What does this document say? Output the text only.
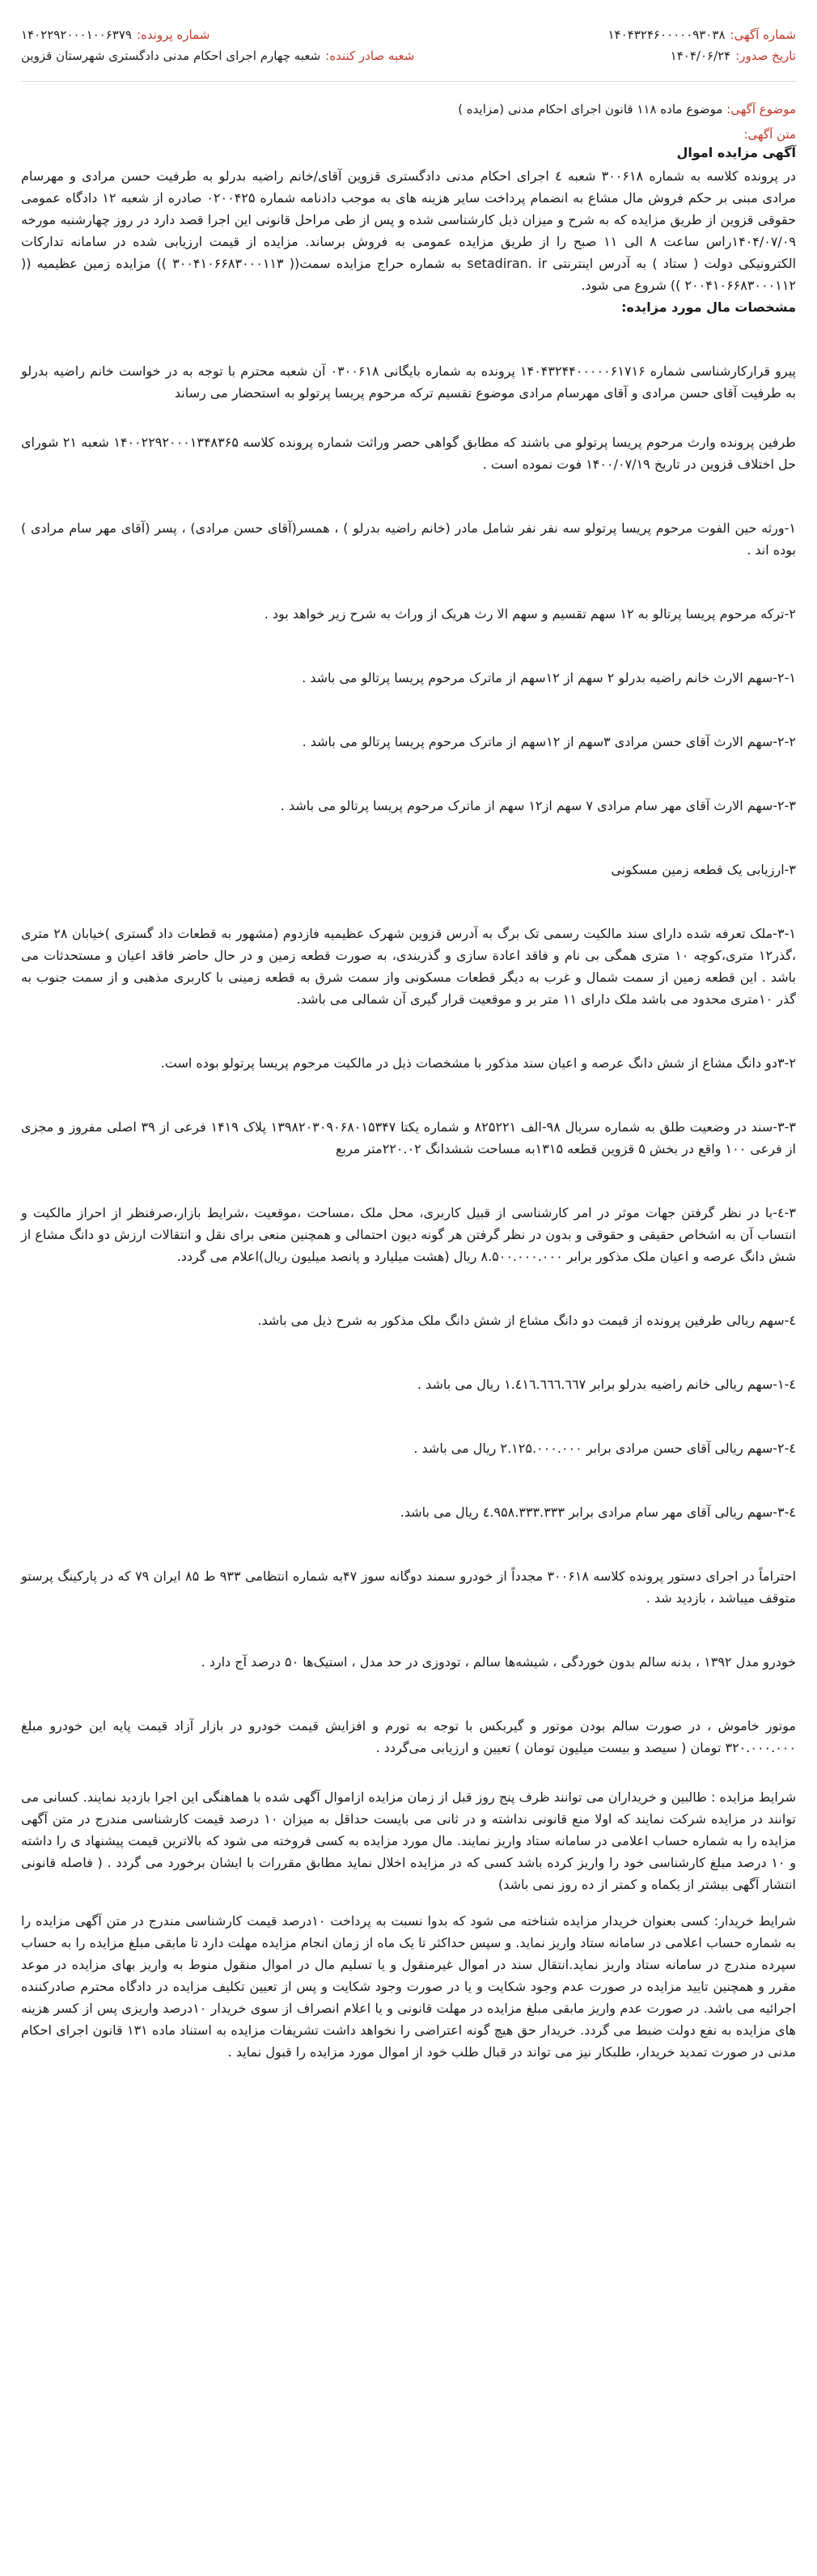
شماره آگهی:۱۴۰۴۳۲۴۶۰۰۰۰۰۹۳۰۳۸
شماره پرونده:۱۴۰۲۲۹۲۰۰۰۱۰۰۶۳۷۹
تاریخ صدور:۱۴۰۴/۰۶/۲۴
شعبه صادر کننده:شعبه چهارم اجرای احکام مدنی دادگستری شهرستان قزوین
موضوع آگهی: موضوع ماده ۱۱۸ قانون اجرای احکام مدنی (مزایده )
متن آگهی:
آگهی مزایده اموال

در پرونده کلاسه به شماره ۳۰۰۶۱۸ شعبه ٤ اجرای احکام مدنی دادگستری قزوین آقای/خانم راضیه بدرلو به طرفیت حسن مرادی و مهرسام مرادی مبنی بر حکم فروش مال مشاع به انضمام پرداخت سایر هزینه های به موجب دادنامه شماره ۰۲۰۰۴۲۵ صادره از شعبه ۱۲ دادگاه عمومی حقوقی قزوین از طریق مزایده که به شرح و میزان ذیل کارشناسی شده و پس از طی مراحل قانونی این اجرا قصد دارد در روز چهارشنبه مورخه ۱۴۰۴/۰۷/۰۹راس ساعت ۸ الی ۱۱ صبح را از طریق مزایده عمومی به فروش برساند. مزایده از قیمت ارزیابی شده در سامانه تدارکات الکترونیکی دولت ( ستاد ) به آدرس اینترنتی setadiran. ir به شماره حراج مزایده سمت(( ۳۰۰۴۱۰۶۶۸۳۰۰۰۱۱۳ )) مزایده زمین عظیمیه (( ۲۰۰۴۱۰۶۶۸۳۰۰۰۱۱۲ )) شروع می شود.

مشخصات مال مورد مزایده:

پیرو قرارکارشناسی شماره ۱۴۰۴۳۲۴۴۰۰۰۰۰۶۱۷۱۶ پرونده به شماره بایگانی ۰۳۰۰۶۱۸ آن شعبه محترم با توجه به در خواست خانم راضیه بدرلو به طرفیت آقای حسن مرادی و آقای مهرسام مرادی موضوع تقسیم ترکه مرحوم پریسا پرتولو به استحضار می رساند

طرفین پرونده وارث مرحوم پریسا پرتولو می باشند که مطابق گواهی حصر وراثت شماره پرونده کلاسه ۱۴۰۰۲۲۹۲۰۰۰۱۳۴۸۳۶۵ شعبه ۲۱ شورای حل اختلاف قزوین در تاریخ ۱۴۰۰/۰۷/۱۹ فوت نموده است .

۱-ورثه حین الفوت مرحوم پریسا پرتولو سه نفر نفر شامل مادر (خانم راضیه بدرلو ) ، همسر(آقای حسن مرادی) ، پسر (آقای مهر سام مرادی ) بوده اند .

۲-ترکه مرحوم پریسا پرتالو به ۱۲ سهم تقسیم و سهم الا رث هریک از وراث به شرح زیر خواهد بود .

۲-۱-سهم الارث خانم راضیه بدرلو ۲ سهم از ۱۲سهم از ماترک مرحوم پریسا پرتالو می باشد .

۲-۲-سهم الارث آقای حسن مرادی ۳سهم از ۱۲سهم از ماترک مرحوم پریسا پرتالو می باشد .

۲-۳-سهم الارث آقای مهر سام مرادی ۷ سهم از۱۲ سهم از ماترک مرحوم پریسا پرتالو می باشد .

۳-ارزیابی یک قطعه زمین مسکونی

۳-۱-ملک تعرفه شده دارای سند مالکیت رسمی تک برگ به آدرس قزوین شهرک عظیمیه فازدوم (مشهور به قطعات داد گستری )خیابان ۲۸ متری ،گذر۱۲ متری،کوچه ۱۰ متری همگی بی نام و فاقد اعادة سازی و گذربندی، به صورت قطعه زمین و در حال حاضر فاقد اعیان و مستحدثات می باشد . این قطعه زمین از سمت شمال و غرب به دیگر قطعات مسکونی واز سمت شرق به قطعه زمینی با کاربری مذهبی و از سمت جنوب به گذر ۱۰متری محدود می باشد ملک دارای ۱۱ متر بر و موقعیت قرار گیری آن شمالی می باشد.

۳-۲دو دانگ مشاع از شش دانگ عرصه و اعیان سند مذکور با مشخصات ذیل در مالکیت مرحوم پریسا پرتولو بوده است.

۳-۳-سند در وضعیت طلق به شماره سریال ۹۸-الف ۸۲۵۲۲۱ و شماره یکتا ۱۳۹۸۲۰۳۰۹۰۶۸۰۱۵۳۴۷ پلاک ۱۴۱۹ فرعی از ۳۹ اصلی مفروز و مجزی از فرعی ۱۰۰ واقع در بخش ۵ قزوین قطعه ۱۳۱۵به مساحت ششدانگ ۲۲۰.۰۲متر مربع

۳-٤-با در نظر گرفتن جهات موثر در امر کارشناسی از قبیل کاربری، محل ملک ،مساحت ،موقعیت ،شرایط بازار،صرفنظر از احراز مالکیت و انتساب آن به اشخاص حقیقی و حقوقی و بدون در نظر گرفتن هر گونه دیون احتمالی و همچنین منعی برای نقل و انتقالات ارزش دو دانگ مشاع از شش دانگ عرصه و اعیان ملک مذکور برابر ۸.۵۰۰.۰۰۰.۰۰۰ ریال (هشت میلیارد و پانصد میلیون ریال)اعلام می گردد.

٤-سهم ریالی طرفین پرونده از قیمت دو دانگ مشاع از شش دانگ ملک مذکور به شرح ذیل می باشد.

٤-۱-سهم ریالی خانم راضیه بدرلو برابر ۱.٤۱٦.٦٦٦.٦٦۷ ریال می باشد .

٤-۲-سهم ریالی آقای حسن مرادی برابر ۲.۱۲۵.۰۰۰.۰۰۰ ریال می باشد .

٤-۳-سهم ریالی آقای مهر سام مرادی برابر ٤.۹۵۸.۳۳۳.۳۳۳ ریال می باشد.

احتراماً در اجرای دستور پرونده کلاسه ۳۰۰۶۱۸ مجدداً از خودرو سمند دوگانه سوز ۴۷به شماره انتظامی ۹۳۳ ط ۸۵ ایران ۷۹ که در پارکینگ پرستو متوقف میباشد ، بازدید شد .

خودرو مدل ۱۳۹۲ ، بدنه سالم بدون خوردگی ، شیشه‌ها سالم ، تودوزی در حد مدل ، استیک‌ها ۵۰ درصد آج دارد .

موتور خاموش ، در صورت سالم بودن موتور و گیربکس با توجه به تورم و افزایش قیمت خودرو در بازار آزاد قیمت پایه این خودرو مبلغ ۳۲۰.۰۰۰.۰۰۰ تومان ( سیصد و بیست میلیون تومان ) تعیین و ارزیابی می‌گردد .

شرایط مزایده : طالبین و خریداران می توانند ظرف پنج روز قبل از زمان مزایده ازاموال آگهی شده با هماهنگی این اجرا بازدید نمایند. کسانی می توانند در مزایده شرکت نمایند که اولا منع قانونی نداشته و در ثانی می بایست حداقل به میزان ۱۰ درصد قیمت کارشناسی مندرج در متن آگهی مزایده را به شماره حساب اعلامی در سامانه ستاد واریز نمایند. مال مورد مزایده به کسی فروخته می شود که بالاترین قیمت پیشنهاد ی را داشته و ۱۰ درصد مبلغ کارشناسی خود را واریز کرده باشد کسی که در مزایده اخلال نماید مطابق مقررات با ایشان برخورد می گردد . ( فاصله قانونی انتشار آگهی بیشتر از یکماه و کمتر از ده روز نمی باشد)

شرایط خریدار: کسی بعنوان خریدار مزایده شناخته می شود که بدوا نسبت به پرداخت ۱۰درصد قیمت کارشناسی مندرج در متن آگهی مزایده را به شماره حساب اعلامی در سامانه ستاد واریز نماید. و سپس حداکثر تا یک ماه از زمان انجام مزایده مهلت دارد تا مابقی مبلغ مزایده را به حساب سپرده مندرج در سامانه ستاد واریز نماید.انتقال سند در اموال غیرمنقول و یا تسلیم مال در اموال منقول منوط به واریز بهای مزایده در موعد مقرر و همچنین تایید مزایده در صورت عدم وجود شکایت و یا در صورت وجود شکایت و پس از تعیین تکلیف مزایده در دادگاه محترم صادرکننده اجرائیه می باشد. در صورت عدم واریز مابقی مبلغ مزایده در مهلت قانونی و یا اعلام انصراف از سوی خریدار ۱۰درصد واریزی پس از کسر هزینه های مزایده به نفع دولت ضبط می گردد. خریدار حق هیچ گونه اعتراضی را نخواهد داشت تشریفات مزایده به استناد ماده ۱۳۱ قانون اجرای احکام مدنی در صورت تمدید خریدار، طلبکار نیز می تواند در قبال طلب خود از اموال مورد مزایده را قبول نماید .
